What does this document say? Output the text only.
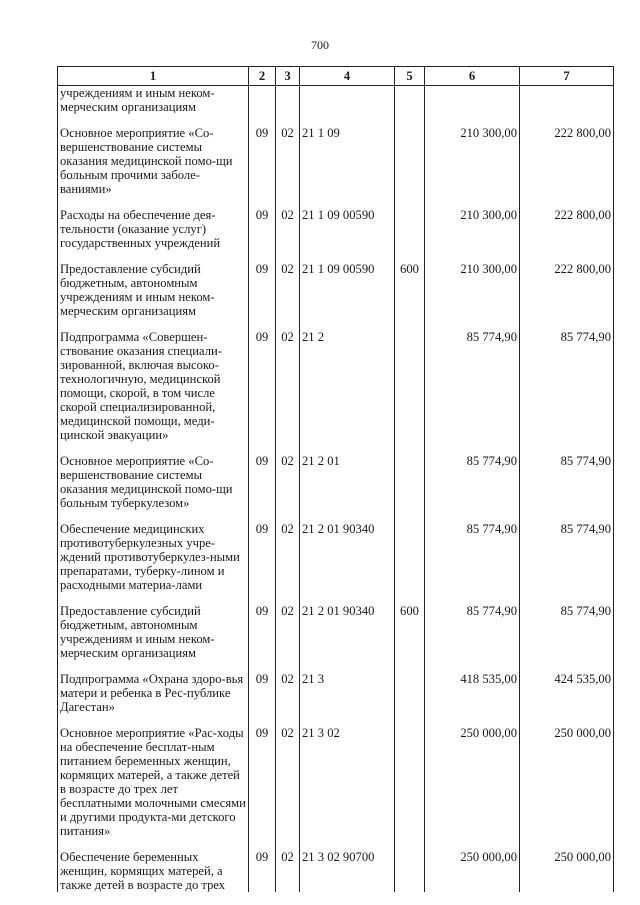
700
1	2	3	4	5	6	7
учреждениям и иным неком-мерческим организациям						

Основное мероприятие «Со-вершенствование системы оказания медицинской помо-щи больным прочими заболе-ваниями»	09	02	21 1 09		210 300,00	222 800,00

Расходы на обеспечение дея-тельности (оказание услуг) государственных учреждений	09	02	21 1 09 00590		210 300,00	222 800,00

Предоставление субсидий бюджетным, автономным учреждениям и иным неком-мерческим организациям	09	02	21 1 09 00590	600	210 300,00	222 800,00

Подпрограмма «Совершен-ствование оказания специали-зированной, включая высоко-технологичную, медицинской помощи, скорой, в том числе скорой специализированной, медицинской помощи, меди-цинской эвакуации»	09	02	21 2		85 774,90	85 774,90

Основное мероприятие «Со-вершенствование системы оказания медицинской помо-щи больным туберкулезом»	09	02	21 2 01		85 774,90	85 774,90

Обеспечение медицинских противотуберкулезных учре-ждений противотуберкулез-ными препаратами, туберку-лином и расходными материа-лами	09	02	21 2 01 90340		85 774,90	85 774,90

Предоставление субсидий бюджетным, автономным учреждениям и иным неком-мерческим организациям	09	02	21 2 01 90340	600	85 774,90	85 774,90

Подпрограмма «Охрана здоро-вья матери и ребенка в Рес-публике Дагестан»	09	02	21 3		418 535,00	424 535,00

Основное мероприятие «Рас-ходы на обеспечение бесплат-ным питанием беременных женщин, кормящих матерей, а также детей в возрасте до трех лет бесплатными молочными смесями и другими продукта-ми детского питания»	09	02	21 3 02		250 000,00	250 000,00

Обеспечение беременных женщин, кормящих матерей, а также детей в возрасте до трех	09	02	21 3 02 90700		250 000,00	250 000,00
